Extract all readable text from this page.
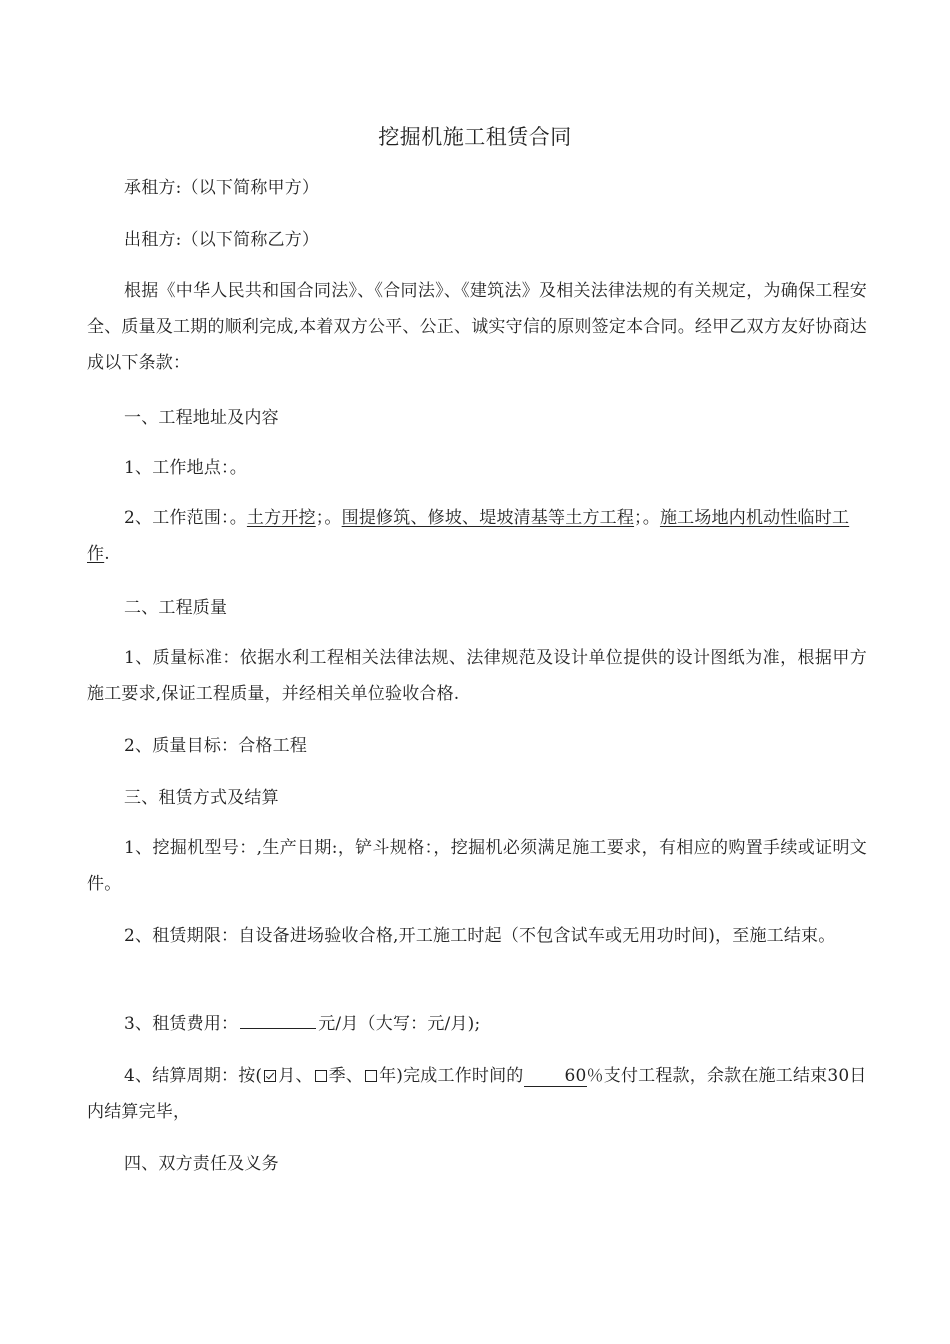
挖掘机施工租赁合同

承租方:（以下简称甲方）

出租方:（以下简称乙方）

根据《中华人民共和国合同法》、《合同法》、《建筑法》及相关法律法规的有关规定，为确保工程安全、质量及工期的顺利完成,本着双方公平、公正、诚实守信的原则签定本合同。经甲乙双方友好协商达成以下条款：

一、工程地址及内容

1、工作地点：。

2、工作范围：。土方开挖；。围提修筑、修坡、堤坡清基等土方工程；。施工场地内机动性临时工作.

二、工程质量

1、质量标准：依据水利工程相关法律法规、法律规范及设计单位提供的设计图纸为准，根据甲方施工要求,保证工程质量，并经相关单位验收合格.

2、质量目标：合格工程

三、租赁方式及结算

1、挖掘机型号：,生产日期:，铲斗规格：，挖掘机必须满足施工要求，有相应的购置手续或证明文件。

2、租赁期限：自设备进场验收合格,开工施工时起（不包含试车或无用功时间)，至施工结束。

3、租赁费用：	元/月（大写：元/月);

4、结算周期：按( 月、 季、 年)完成工作时间的 60％支付工程款，余款在施工结束30日内结算完毕，

四、双方责任及义务
